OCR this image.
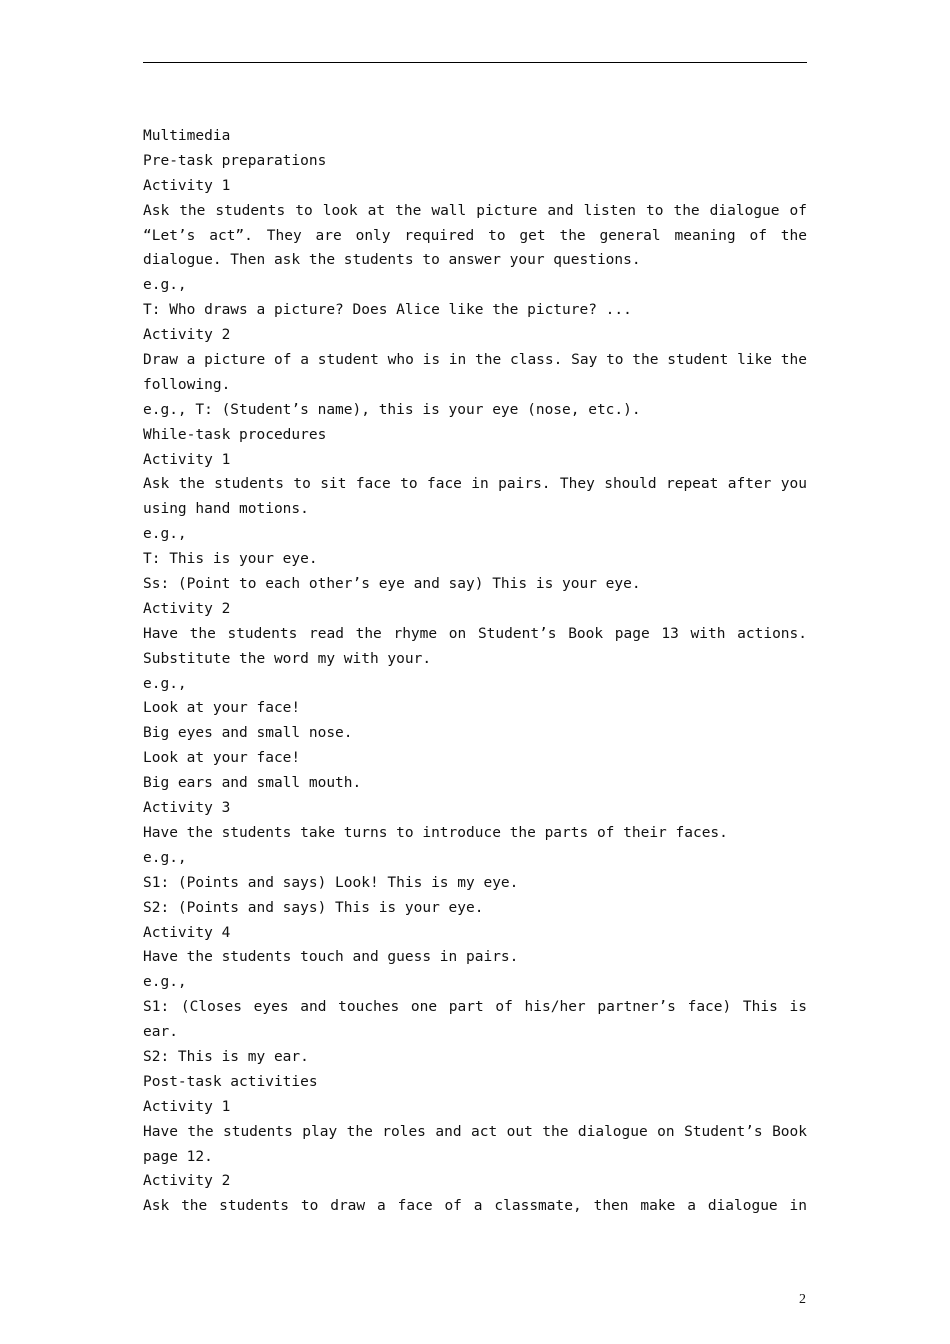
Multimedia
Pre-task preparations
Activity 1
Ask the students to look at the wall picture and listen to the dialogue of
“Let’s act”. They are only required to get the general meaning of the
dialogue. Then ask the students to answer your questions.
e.g.,
T: Who draws a picture? Does Alice like the picture? ...
Activity 2
Draw a picture of a student who is in the class. Say to the student like the
following.
e.g., T: (Student’s name), this is your eye (nose, etc.).
While-task procedures
Activity 1
Ask the students to sit face to face in pairs. They should repeat after you
using hand motions.
e.g.,
T: This is your eye.
Ss: (Point to each other’s eye and say) This is your eye.
Activity 2
Have the students read the rhyme on Student’s Book page 13 with actions.
Substitute the word my with your.
e.g.,
Look at your face!
Big eyes and small nose.
Look at your face!
Big ears and small mouth.
Activity 3
Have the students take turns to introduce the parts of their faces.
e.g.,
S1: (Points and says) Look! This is my eye.
S2: (Points and says) This is your eye.
Activity 4
Have the students touch and guess in pairs.
e.g.,
S1: (Closes eyes and touches one part of his/her partner’s face) This is
ear.
S2: This is my ear.
Post-task activities
Activity 1
Have the students play the roles and act out the dialogue on Student’s Book
page 12.
Activity 2
Ask the students to draw a face of a classmate, then make a dialogue in
2
